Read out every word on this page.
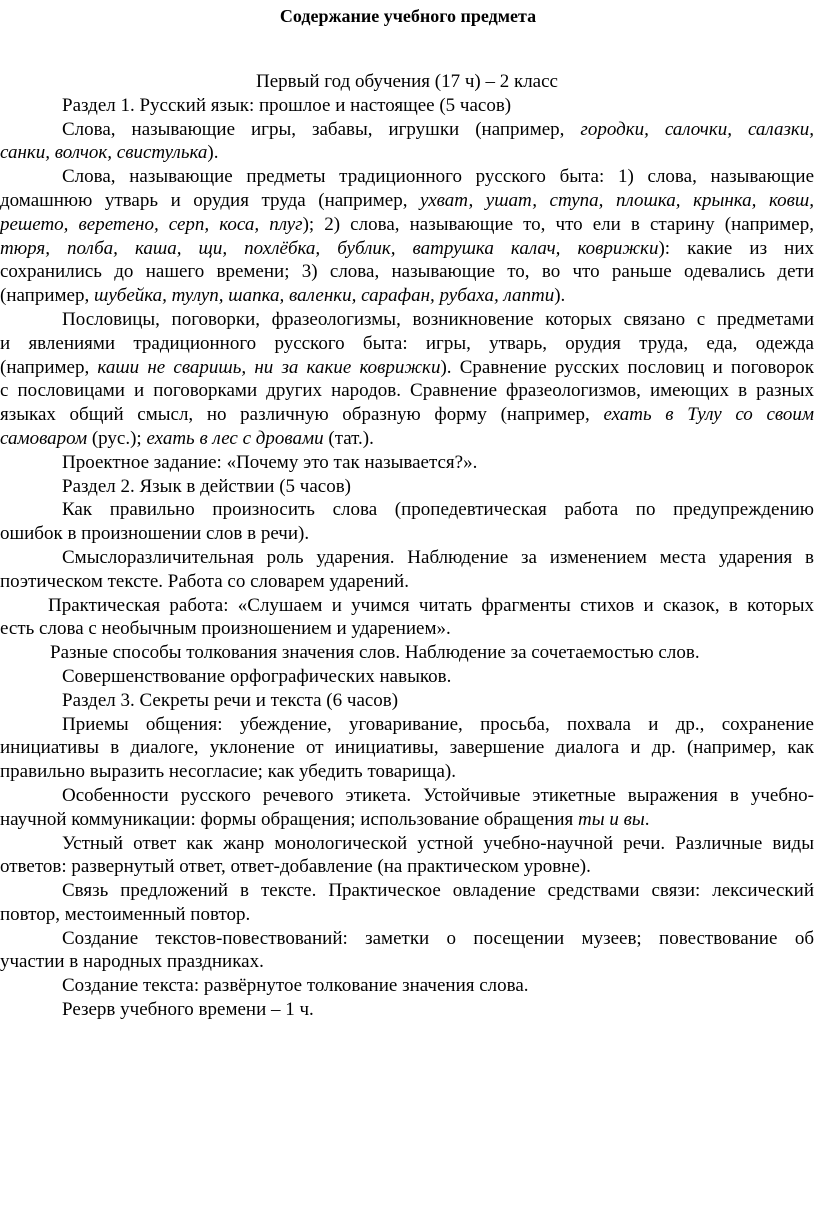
Содержание учебного предмета
Первый год обучения (17 ч) – 2 класс
Раздел 1. Русский язык: прошлое и настоящее (5 часов)
Слова, называющие игры, забавы, игрушки (например, городки, салочки, салазки,
санки, волчок, свистулька).
Слова, называющие предметы традиционного русского быта: 1) слова, называющие
домашнюю утварь и орудия труда (например, ухват, ушат, ступа, плошка, крынка, ковш,
решето, веретено, серп, коса, плуг); 2) слова, называющие то, что ели в старину (например,
тюря, полба, каша, щи, похлёбка, бублик, ватрушка калач, коврижки): какие из них
сохранились до нашего времени; 3) слова, называющие то, во что раньше одевались дети
(например, шубейка, тулуп, шапка, валенки, сарафан, рубаха, лапти).
Пословицы, поговорки, фразеологизмы, возникновение которых связано с предметами
и явлениями традиционного русского быта: игры, утварь, орудия труда, еда, одежда
(например, каши не сваришь, ни за какие коврижки). Сравнение русских пословиц и поговорок
с пословицами и поговорками других народов. Сравнение фразеологизмов, имеющих в разных
языках общий смысл, но различную образную форму (например, ехать в Тулу со своим
самоваром (рус.); ехать в лес с дровами (тат.).
Проектное задание: «Почему это так называется?».
Раздел 2. Язык в действии (5 часов)
Как правильно произносить слова (пропедевтическая работа по предупреждению
ошибок в произношении слов в речи).
Смыслоразличительная роль ударения. Наблюдение за изменением места ударения в
поэтическом тексте. Работа со словарем ударений.
Практическая работа: «Слушаем и учимся читать фрагменты стихов и сказок, в которых
есть слова с необычным произношением и ударением».
Разные способы толкования значения слов. Наблюдение за сочетаемостью слов.
Совершенствование орфографических навыков.
Раздел 3. Секреты речи и текста (6 часов)
Приемы общения: убеждение, уговаривание, просьба, похвала и др., сохранение
инициативы в диалоге, уклонение от инициативы, завершение диалога и др. (например, как
правильно выразить несогласие; как убедить товарища).
Особенности русского речевого этикета. Устойчивые этикетные выражения в учебно-
научной коммуникации: формы обращения; использование обращения ты и вы.
Устный ответ как жанр монологической устной учебно-научной речи. Различные виды
ответов: развернутый ответ, ответ-добавление (на практическом уровне).
Связь предложений в тексте. Практическое овладение средствами связи: лексический
повтор, местоименный повтор.
Создание текстов-повествований: заметки о посещении музеев; повествование об
участии в народных праздниках.
Создание текста: развёрнутое толкование значения слова.
Резерв учебного времени – 1 ч.
